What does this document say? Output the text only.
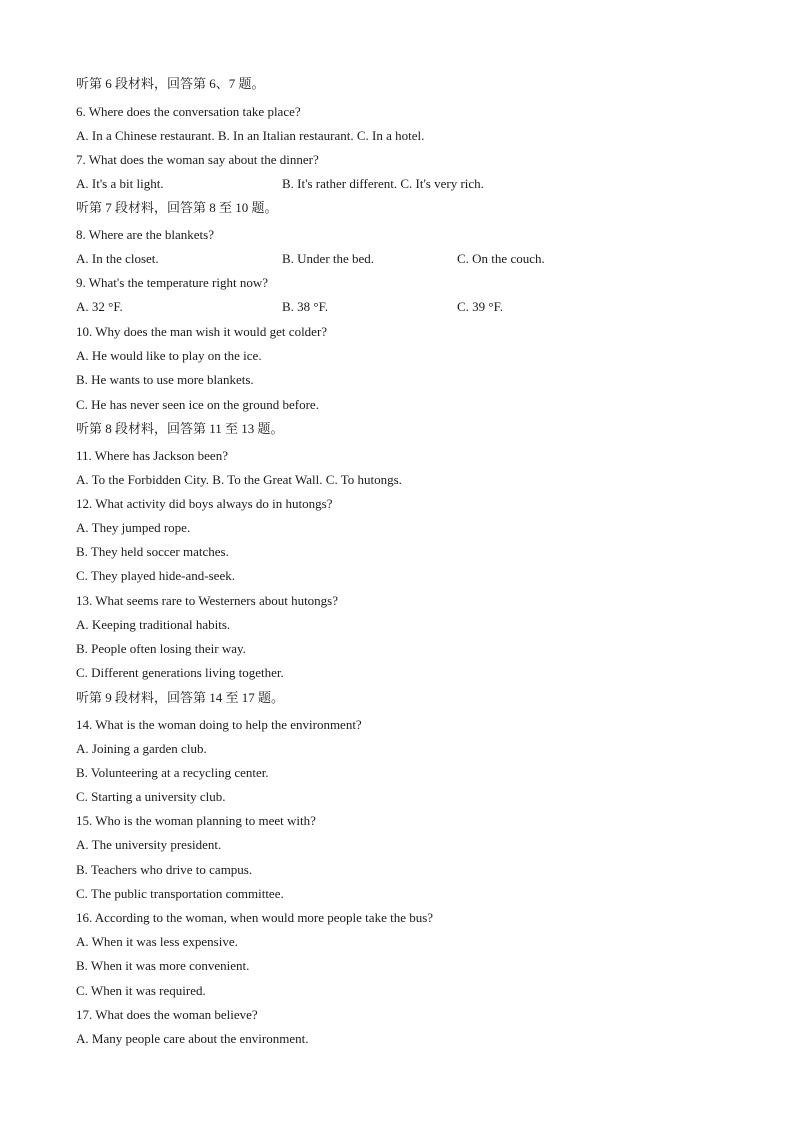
听第 6 段材料，回答第 6、7 题。
6. Where does the conversation take place?
A. In a Chinese restaurant. B. In an Italian restaurant. C. In a hotel.
7. What does the woman say about the dinner?
A. It's a bit light.	B. It's rather different. C. It's very rich.
听第 7 段材料，回答第 8 至 10 题。
8. Where are the blankets?
A. In the closet.	B. Under the bed.	C. On the couch.
9. What's the temperature right now?
A. 32 °F.	B. 38 °F.	C. 39 °F.
10. Why does the man wish it would get colder?
A. He would like to play on the ice.
B. He wants to use more blankets.
C. He has never seen ice on the ground before.
听第 8 段材料，回答第 11 至 13 题。
11. Where has Jackson been?
A. To the Forbidden City. B. To the Great Wall. C. To hutongs.
12. What activity did boys always do in hutongs?
A. They jumped rope.
B. They held soccer matches.
C. They played hide-and-seek.
13. What seems rare to Westerners about hutongs?
A. Keeping traditional habits.
B. People often losing their way.
C. Different generations living together.
听第 9 段材料，回答第 14 至 17 题。
14. What is the woman doing to help the environment?
A. Joining a garden club.
B. Volunteering at a recycling center.
C. Starting a university club.
15. Who is the woman planning to meet with?
A. The university president.
B. Teachers who drive to campus.
C. The public transportation committee.
16. According to the woman, when would more people take the bus?
A. When it was less expensive.
B. When it was more convenient.
C. When it was required.
17. What does the woman believe?
A. Many people care about the environment.
